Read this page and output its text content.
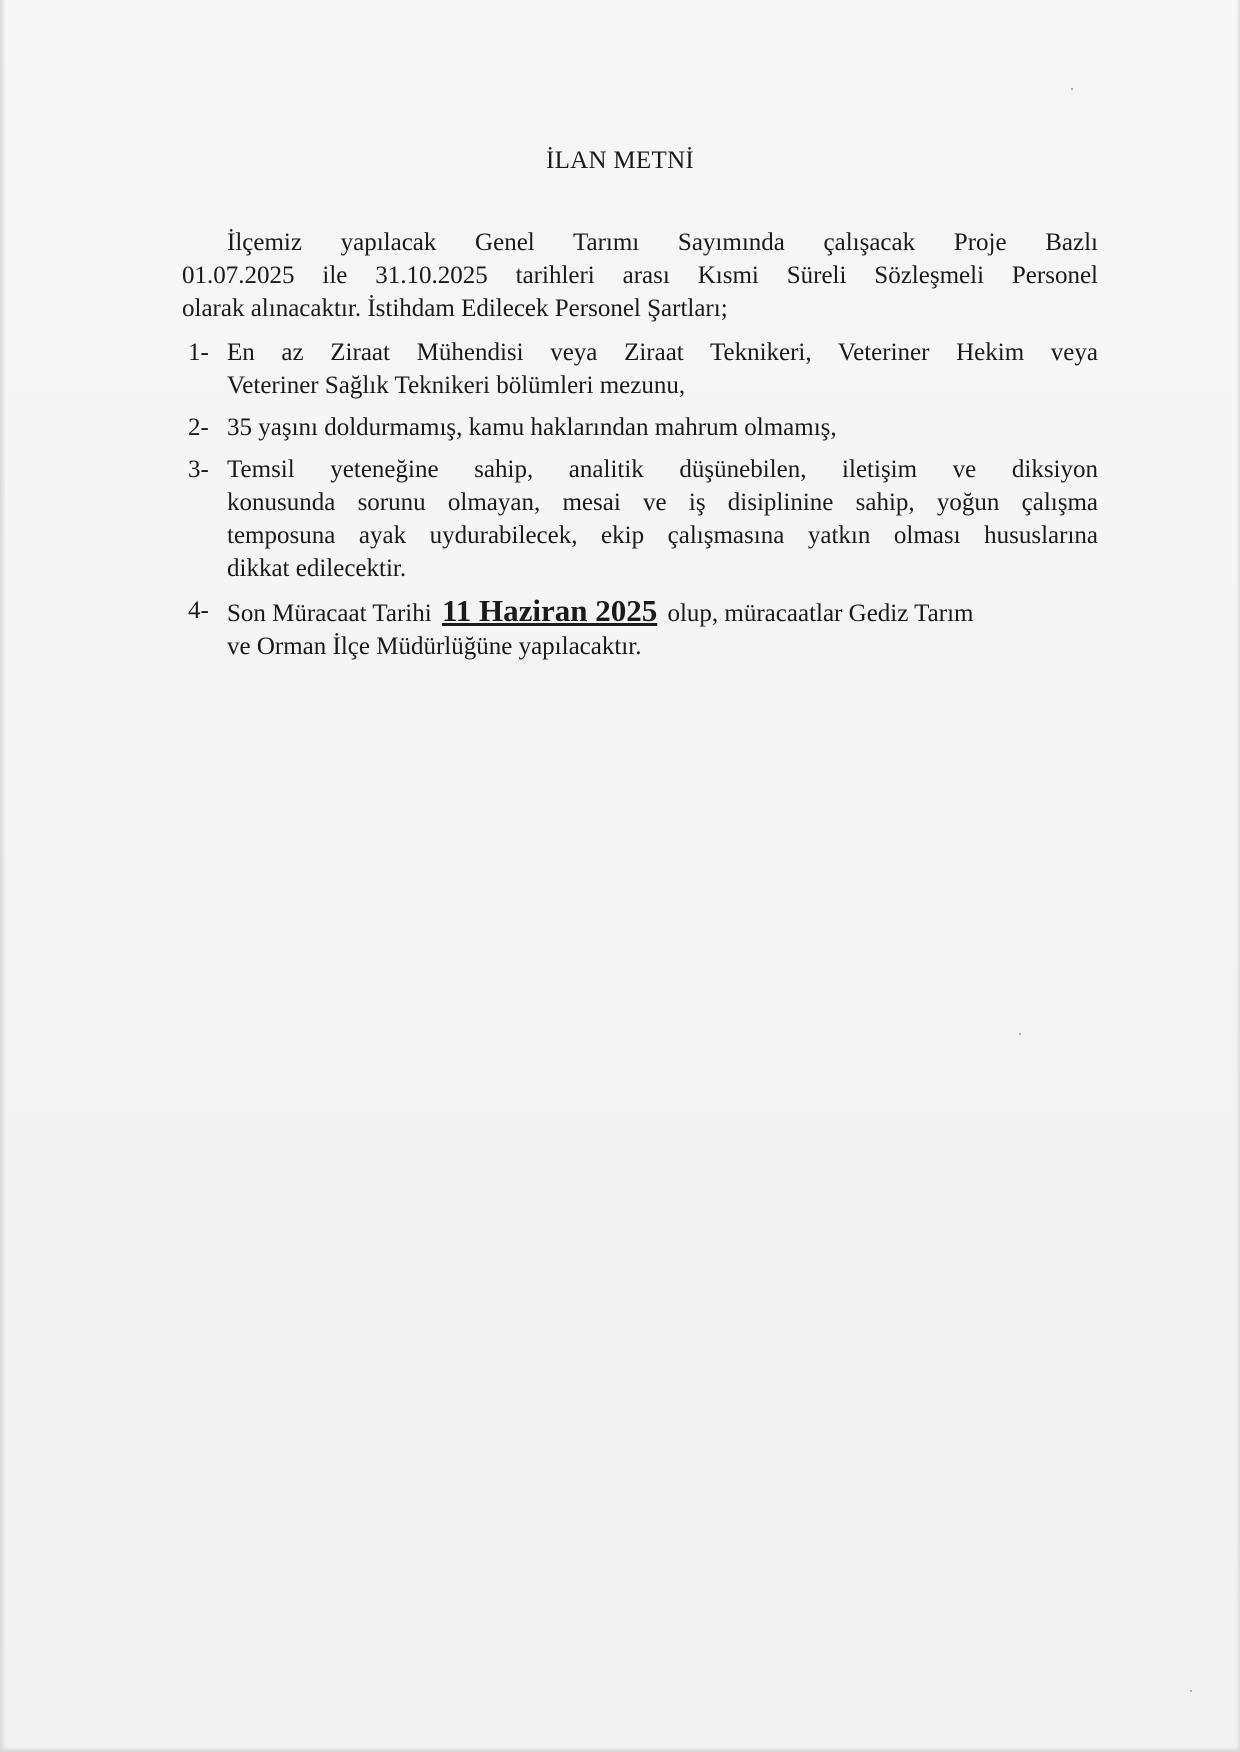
İLAN METNİ

İlçemiz yapılacak Genel Tarımı Sayımında çalışacak Proje Bazlı
01.07.2025 ile 31.10.2025 tarihleri arası Kısmi Süreli Sözleşmeli Personel
olarak alınacaktır. İstihdam Edilecek Personel Şartları;

1- En az Ziraat Mühendisi veya Ziraat Teknikeri, Veteriner Hekim veya
Veteriner Sağlık Teknikeri bölümleri mezunu,
2- 35 yaşını doldurmamış, kamu haklarından mahrum olmamış,
3- Temsil yeteneğine sahip, analitik düşünebilen, iletişim ve diksiyon
konusunda sorunu olmayan, mesai ve iş disiplinine sahip, yoğun çalışma
temposuna ayak uydurabilecek, ekip çalışmasına yatkın olması hususlarına
dikkat edilecektir.
4- Son Müracaat Tarihi 11 Haziran 2025 olup, müracaatlar Gediz Tarım
ve Orman İlçe Müdürlüğüne yapılacaktır.
